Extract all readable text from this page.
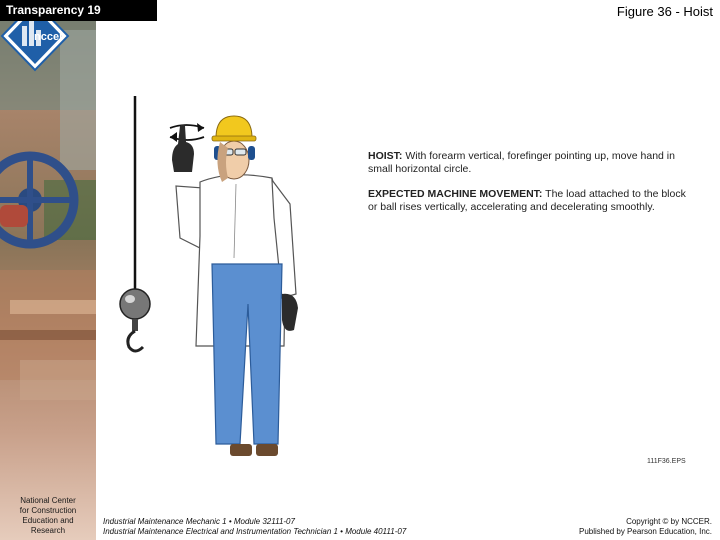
nccer
National Center
for Construction
Education and
Research
Transparency 19	Figure 36 - Hoist

HOIST: With forearm vertical, forefinger pointing up, move hand in small horizontal circle.

EXPECTED MACHINE MOVEMENT: The load attached to the block or ball rises vertically, accelerating and decelerating smoothly.

111F36.EPS
Industrial Maintenance Mechanic 1 • Module 32111-07
Industrial Maintenance Electrical and Instrumentation Technician 1 • Module 40111-07
Copyright © by NCCER.
Published by Pearson Education, Inc.
